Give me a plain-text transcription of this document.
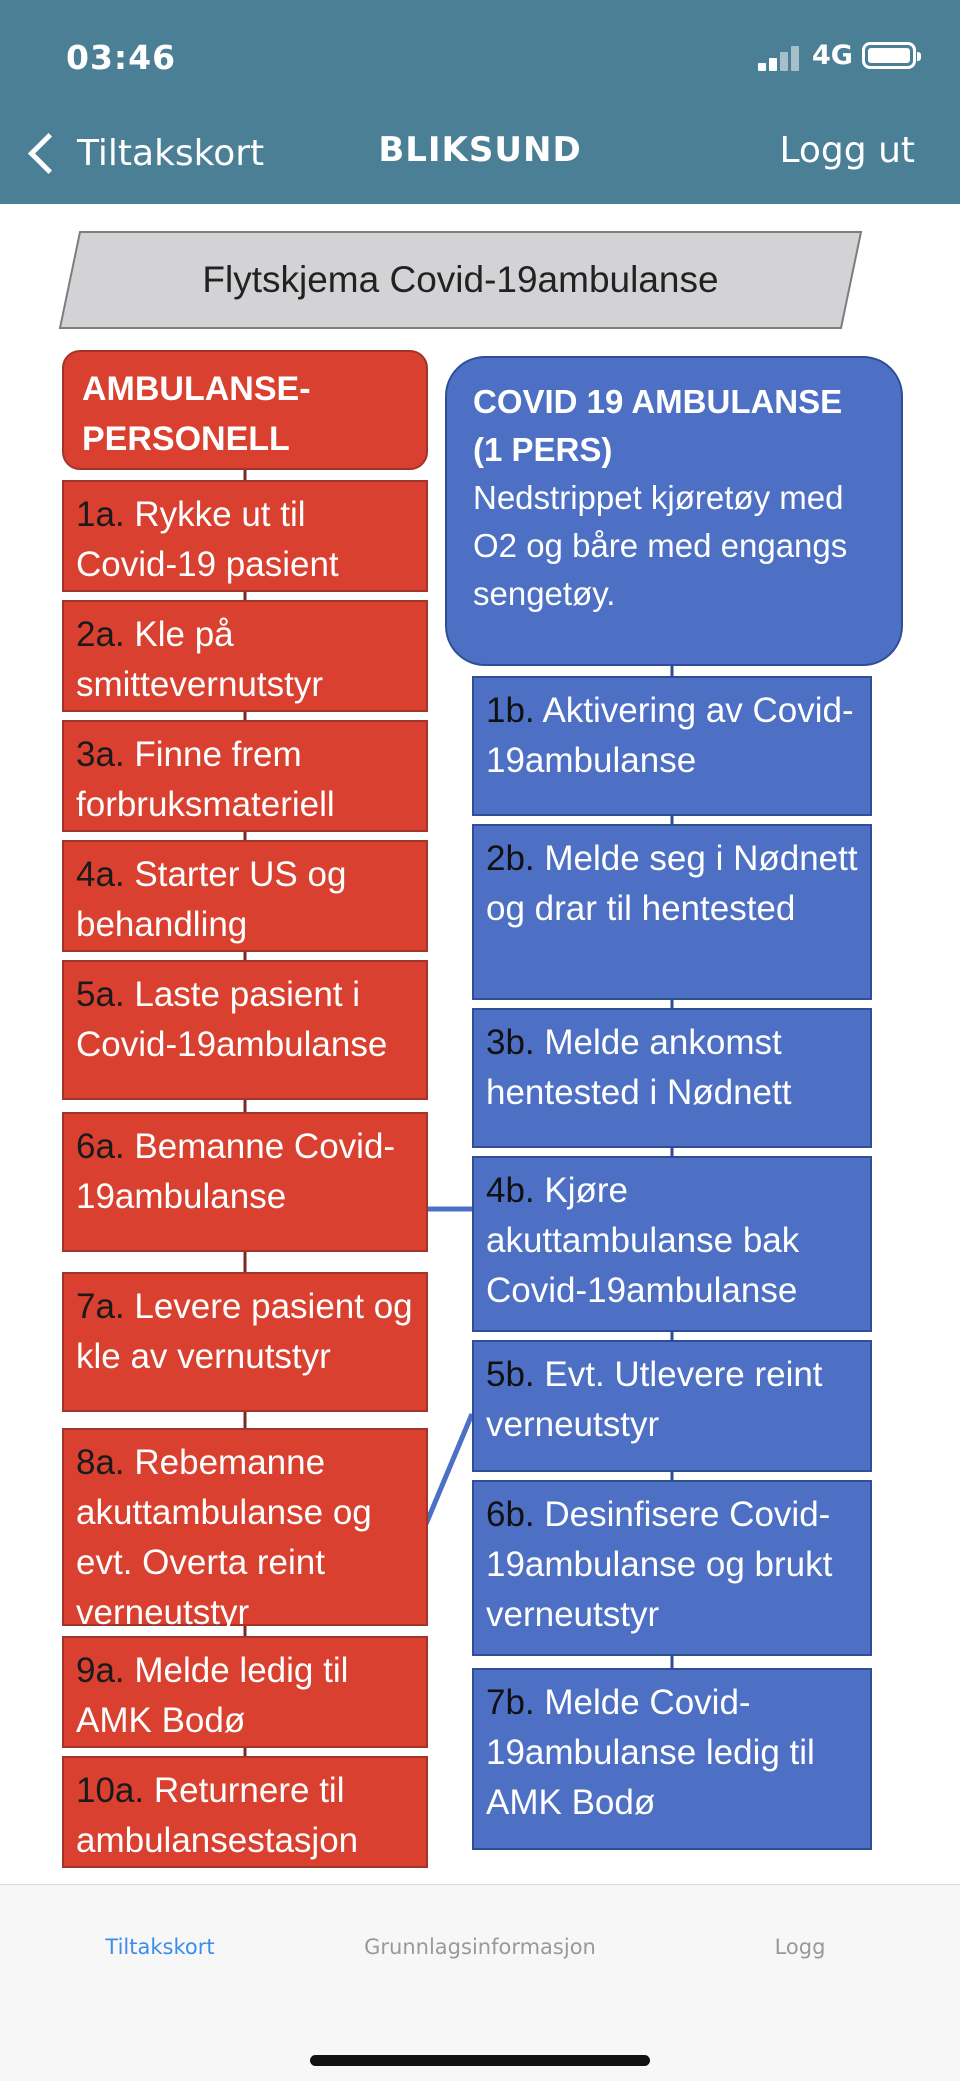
03:46	4G
Tiltakskort	BLIKSUND	Logg ut
Flytskjema Covid-19ambulanse
AMBULANSE-
PERSONELL
COVID 19 AMBULANSE
(1 PERS)
Nedstrippet kjøretøy med O2 og båre med engangs sengetøy.
1a. Rykke ut til Covid-19 pasient
2a. Kle på smittevernutstyr
3a. Finne frem forbruksmateriell
4a. Starter US og behandling
5a. Laste pasient i Covid-19ambulanse
6a. Bemanne Covid-19ambulanse
7a. Levere pasient og kle av vernutstyr
8a. Rebemanne akuttambulanse og evt. Overta reint verneutstyr
9a. Melde ledig til AMK Bodø
10a. Returnere til ambulansestasjon
1b. Aktivering av Covid-19ambulanse
2b. Melde seg i Nødnett og drar til hentested
3b. Melde ankomst hentested i Nødnett
4b. Kjøre akuttambulanse bak Covid-19ambulanse
5b. Evt. Utlevere reint verneutstyr
6b. Desinfisere Covid-19ambulanse og brukt verneutstyr
7b. Melde Covid-19ambulanse ledig til AMK Bodø
Tiltakskort	Grunnlagsinformasjon	Logg
